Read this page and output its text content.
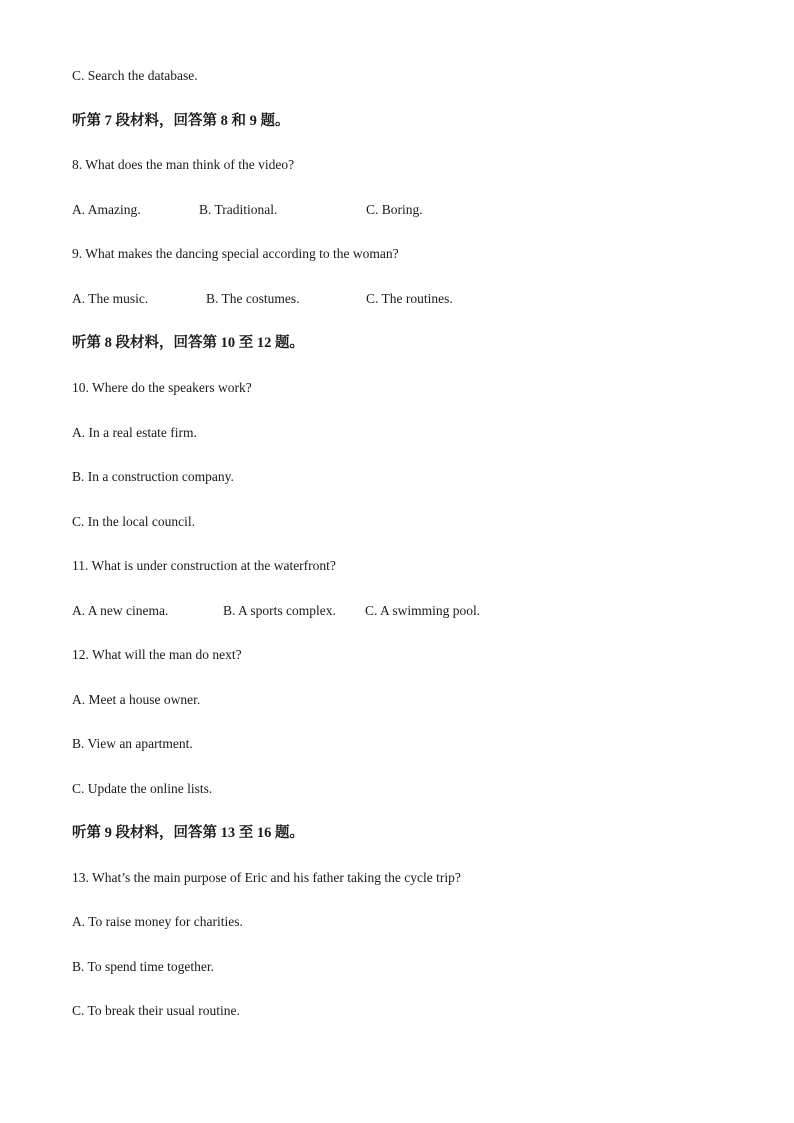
C. Search the database.
听第 7 段材料，回答第 8 和 9 题。
8. What does the man think of the video?
A. Amazing.	B. Traditional.	C. Boring.
9. What makes the dancing special according to the woman?
A. The music.	B. The costumes.	C. The routines.
听第 8 段材料，回答第 10 至 12 题。
10. Where do the speakers work?
A. In a real estate firm.
B. In a construction company.
C. In the local council.
11. What is under construction at the waterfront?
A. A new cinema.	B. A sports complex. C. A swimming pool.
12. What will the man do next?
A. Meet a house owner.
B. View an apartment.
C. Update the online lists.
听第 9 段材料，回答第 13 至 16 题。
13. What’s the main purpose of Eric and his father taking the cycle trip?
A. To raise money for charities.
B. To spend time together.
C. To break their usual routine.
